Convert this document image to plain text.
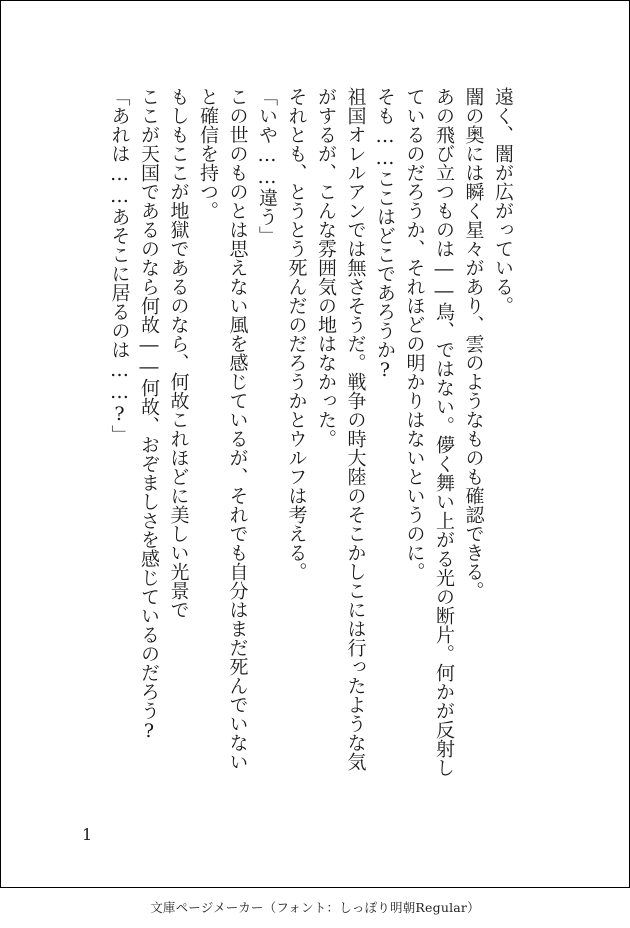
遠く、闇が広がっている。

闇の奥には瞬く星々があり、雲のようなものも確認できる。

あの飛び立つものは――鳥、ではない。儚く舞い上がる光の断片。何かが反射し

ているのだろうか、それほどの明かりはないというのに。

そも……ここはどこであろうか?

祖国オレルアンでは無さそうだ。戦争の時大陸のそこかしこには行ったような気

がするが、こんな雰囲気の地はなかった。

それとも、とうとう死んだのだろうかとウルフは考える。

「いや……違う」

この世のものとは思えない風を感じているが、それでも自分はまだ死んでいない

と確信を持つ。

もしもここが地獄であるのなら、何故これほどに美しい光景で

ここが天国であるのなら何故――何故、おぞましさを感じているのだろう?

「あれは……あそこに居るのは……?」

1
文庫ページメーカー（フォント：しっぽり明朝Regular）
